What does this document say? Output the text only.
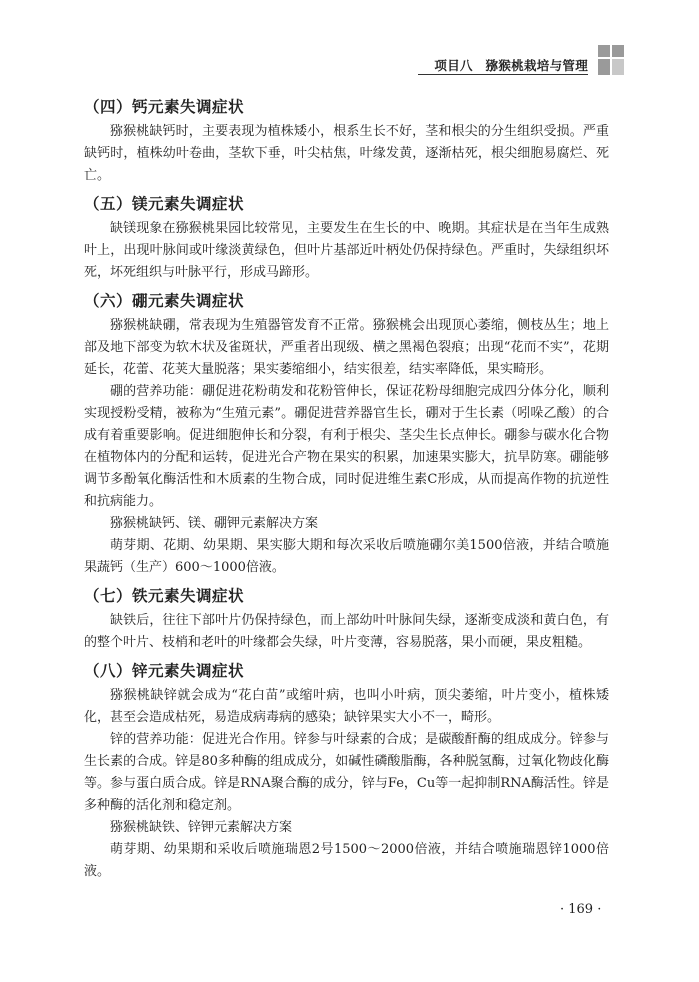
项目八　猕猴桃栽培与管理
（四）钙元素失调症状

猕猴桃缺钙时，主要表现为植株矮小，根系生长不好，茎和根尖的分生组织受损。严重缺钙时，植株幼叶卷曲，茎软下垂，叶尖枯焦，叶缘发黄，逐渐枯死，根尖细胞易腐烂、死亡。

（五）镁元素失调症状

缺镁现象在猕猴桃果园比较常见，主要发生在生长的中、晚期。其症状是在当年生成熟叶上，出现叶脉间或叶缘淡黄绿色，但叶片基部近叶柄处仍保持绿色。严重时，失绿组织坏死，坏死组织与叶脉平行，形成马蹄形。

（六）硼元素失调症状

猕猴桃缺硼，常表现为生殖器管发育不正常。猕猴桃会出现顶心萎缩，侧枝丛生；地上部及地下部变为软木状及雀斑状，严重者出现级、横之黑褐色裂痕；出现“花而不实”，花期延长，花蕾、花荚大量脱落；果实萎缩细小，结实很差，结实率降低，果实畸形。

硼的营养功能：硼促进花粉萌发和花粉管伸长，保证花粉母细胞完成四分体分化，顺利实现授粉受精，被称为“生殖元素”。硼促进营养器官生长，硼对于生长素（吲哚乙酸）的合成有着重要影响。促进细胞伸长和分裂，有利于根尖、茎尖生长点伸长。硼参与碳水化合物在植物体内的分配和运转，促进光合产物在果实的积累，加速果实膨大，抗旱防寒。硼能够调节多酚氧化酶活性和木质素的生物合成，同时促进维生素C形成，从而提高作物的抗逆性和抗病能力。

猕猴桃缺钙、镁、硼钾元素解决方案

萌芽期、花期、幼果期、果实膨大期和每次采收后喷施硼尔美1500倍液，并结合喷施果蔬钙（生产）600～1000倍液。

（七）铁元素失调症状

缺铁后，往往下部叶片仍保持绿色，而上部幼叶叶脉间失绿，逐渐变成淡和黄白色，有的整个叶片、枝梢和老叶的叶缘都会失绿，叶片变薄，容易脱落，果小而硬，果皮粗糙。

（八）锌元素失调症状

猕猴桃缺锌就会成为“花白苗”或缩叶病，也叫小叶病，顶尖萎缩，叶片变小，植株矮化，甚至会造成枯死，易造成病毒病的感染；缺锌果实大小不一，畸形。

锌的营养功能：促进光合作用。锌参与叶绿素的合成；是碳酸酐酶的组成成分。锌参与生长素的合成。锌是80多种酶的组成成分，如碱性磷酸脂酶，各种脱氢酶，过氧化物歧化酶等。参与蛋白质合成。锌是RNA聚合酶的成分，锌与Fe，Cu等一起抑制RNA酶活性。锌是多种酶的活化剂和稳定剂。

猕猴桃缺铁、锌钾元素解决方案

萌芽期、幼果期和采收后喷施瑞恩2号1500～2000倍液，并结合喷施瑞恩锌1000倍液。

· 169 ·
